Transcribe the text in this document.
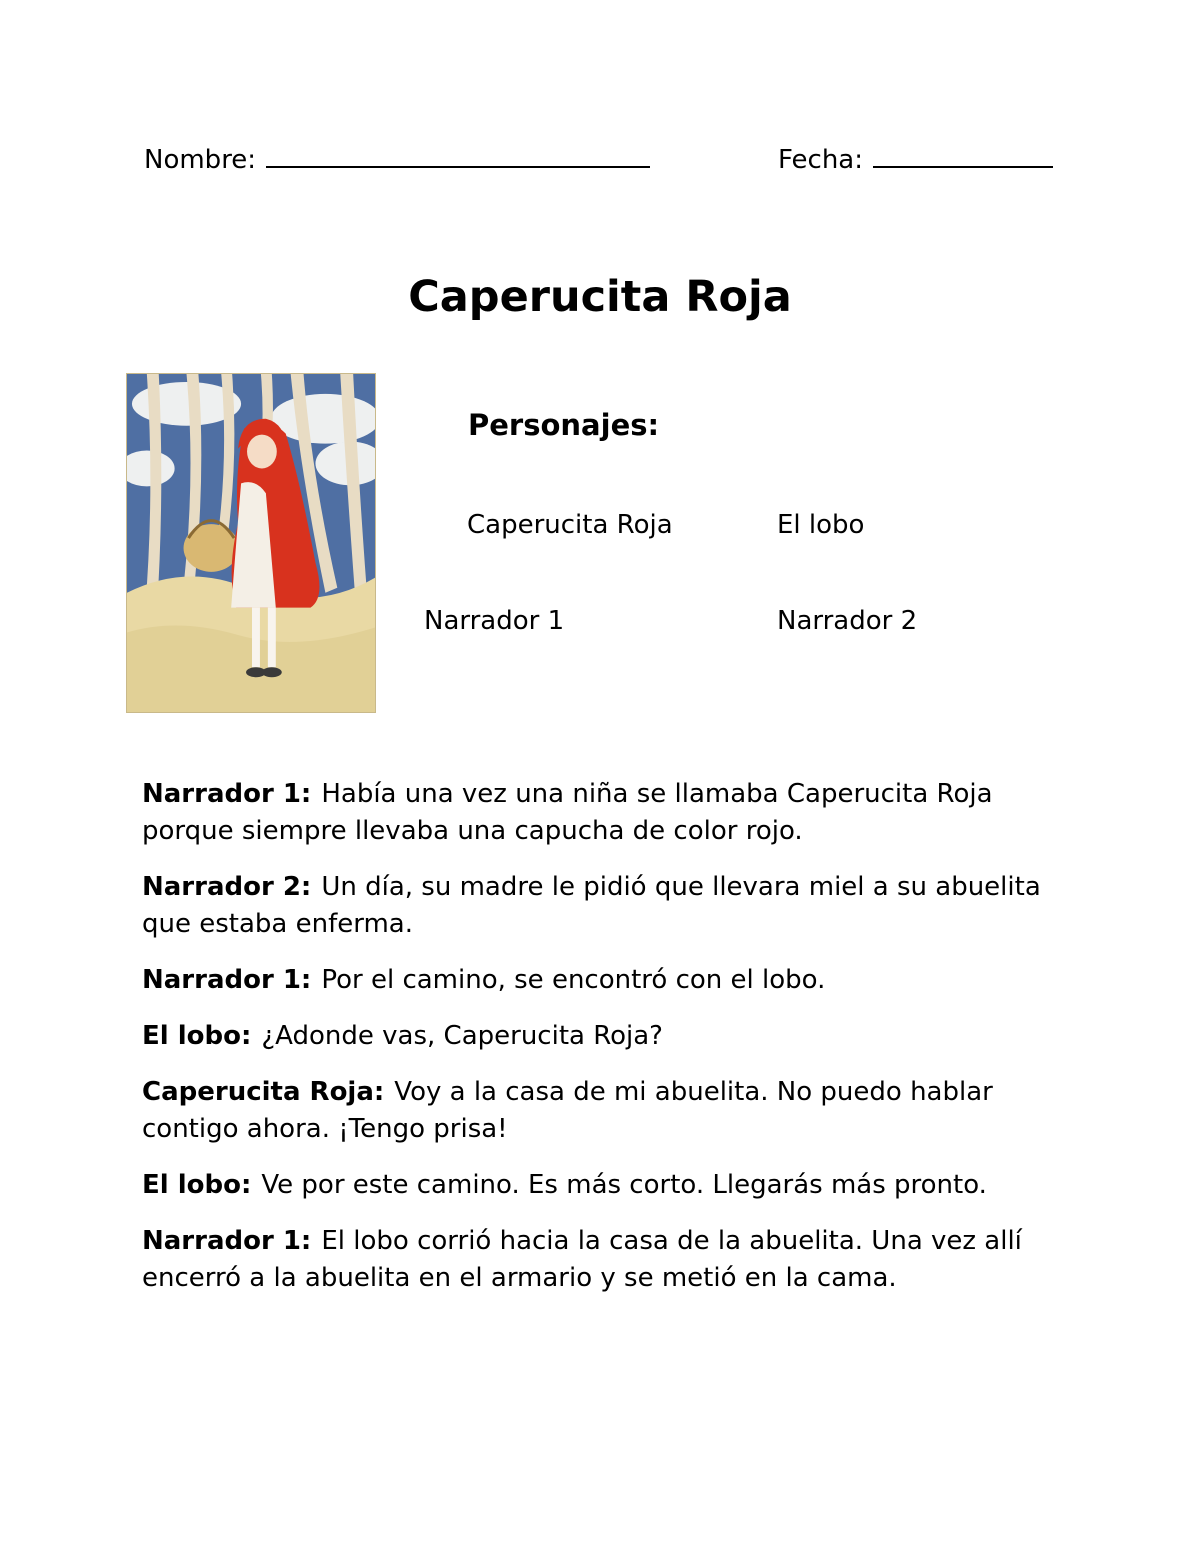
Nombre:	Fecha:
Caperucita Roja
Personajes:
Caperucita Roja	El lobo
Narrador 1	Narrador 2

Narrador 1: Había una vez una niña se llamaba Caperucita Roja porque siempre llevaba una capucha de color rojo.

Narrador 2: Un día, su madre le pidió que llevara miel a su abuelita que estaba enferma.

Narrador 1: Por el camino, se encontró con el lobo.

El lobo: ¿Adonde vas, Caperucita Roja?

Caperucita Roja: Voy a la casa de mi abuelita. No puedo hablar contigo ahora. ¡Tengo prisa!

El lobo: Ve por este camino. Es más corto. Llegarás más pronto.

Narrador 1: El lobo corrió hacia la casa de la abuelita. Una vez allí encerró a la abuelita en el armario y se metió en la cama.
